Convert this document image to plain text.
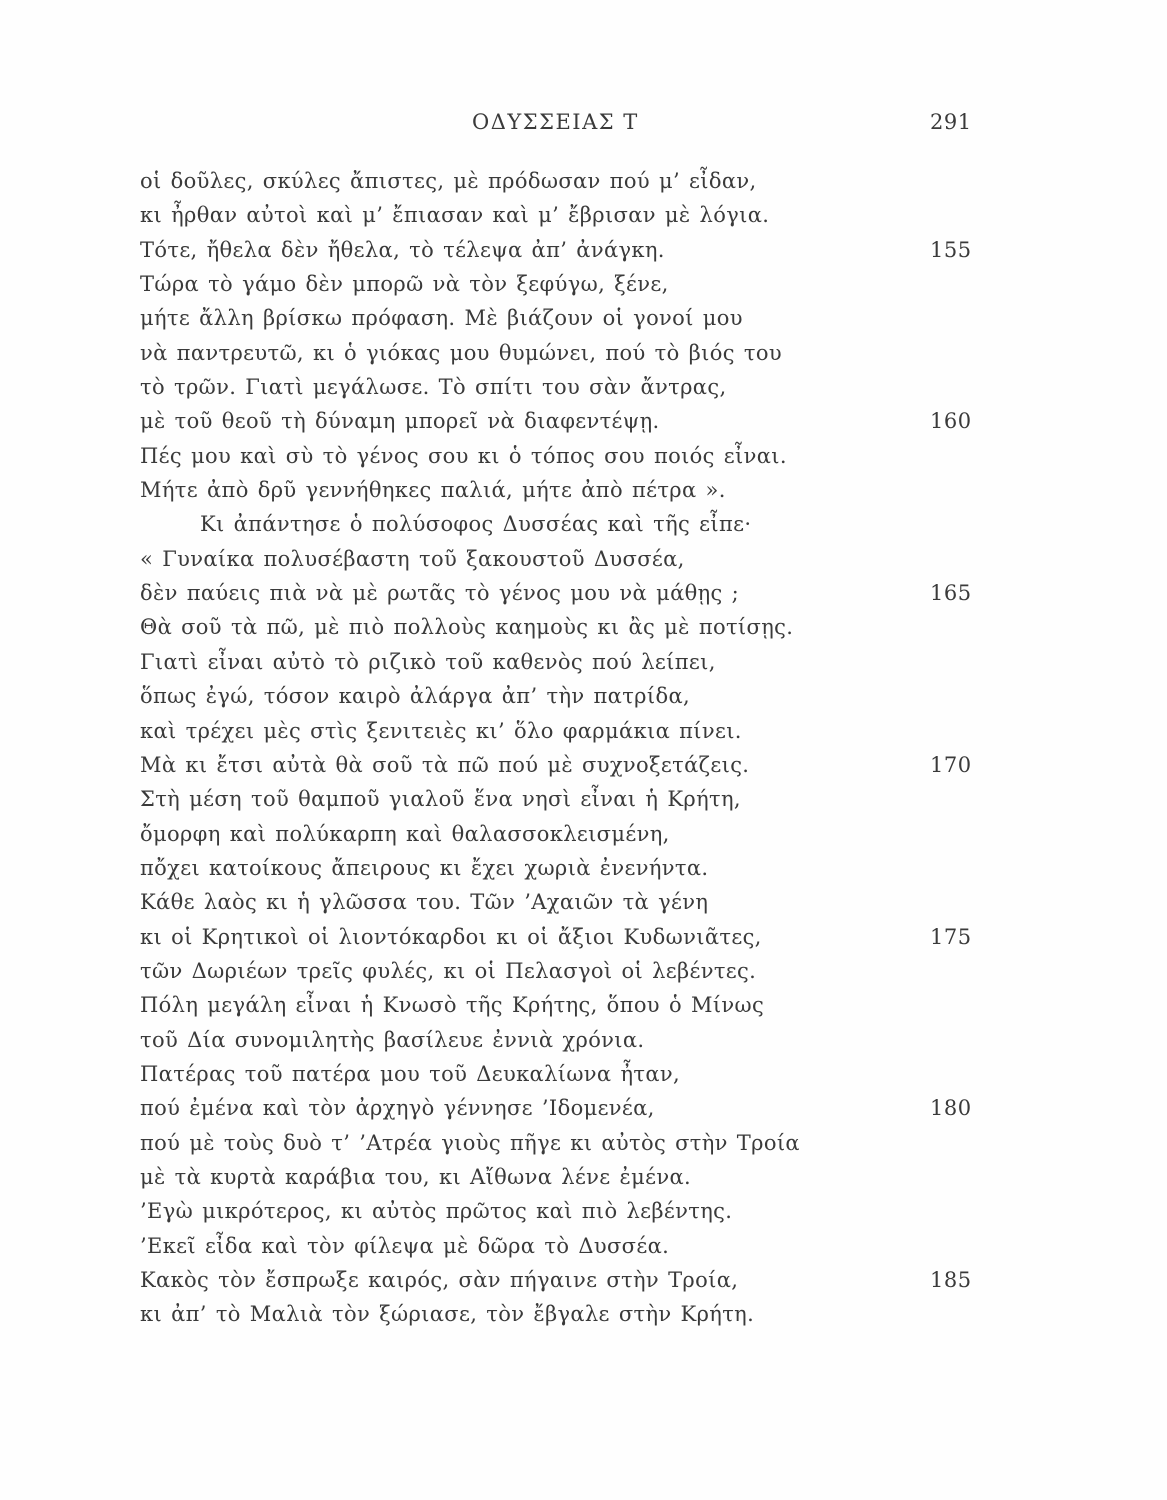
ΟΔΥΣΣΕΙΑΣ Τ	291
οἱ δοῦλες, σκύλες ἄπιστες, μὲ πρόδωσαν πού μ’ εἶδαν,
κι ἦρθαν αὐτοὶ καὶ μ’ ἔπιασαν καὶ μ’ ἔβρισαν μὲ λόγια.
Τότε, ἤθελα δὲν ἤθελα, τὸ τέλεψα ἀπ’ ἀνάγκη.	155
Τώρα τὸ γάμο δὲν μπορῶ νὰ τὸν ξεφύγω, ξένε,
μήτε ἄλλη βρίσκω πρόφαση. Μὲ βιάζουν οἱ γονοί μου
νὰ παντρευτῶ, κι ὁ γιόκας μου θυμώνει, πού τὸ βιός του
τὸ τρῶν. Γιατὶ μεγάλωσε. Τὸ σπίτι του σὰν ἄντρας,
μὲ τοῦ θεοῦ τὴ δύναμη μπορεῖ νὰ διαφεντέψῃ.	160
Πές μου καὶ σὺ τὸ γένος σου κι ὁ τόπος σου ποιός εἶναι.
Μήτε ἀπὸ δρῦ γεννήθηκες παλιά, μήτε ἀπὸ πέτρα ».
Κι ἀπάντησε ὁ πολύσοφος Δυσσέας καὶ τῆς εἶπε·
« Γυναίκα πολυσέβαστη τοῦ ξακουστοῦ Δυσσέα,
δὲν παύεις πιὰ νὰ μὲ ρωτᾶς τὸ γένος μου νὰ μάθῃς ;	165
Θὰ σοῦ τὰ πῶ, μὲ πιὸ πολλοὺς καημοὺς κι ἂς μὲ ποτίσῃς.
Γιατὶ εἶναι αὐτὸ τὸ ριζικὸ τοῦ καθενὸς πού λείπει,
ὅπως ἐγώ, τόσον καιρὸ ἀλάργα ἀπ’ τὴν πατρίδα,
καὶ τρέχει μὲς στὶς ξενιτειὲς κι’ ὅλο φαρμάκια πίνει.
Μὰ κι ἔτσι αὐτὰ θὰ σοῦ τὰ πῶ πού μὲ συχνοξετάζεις.	170
Στὴ μέση τοῦ θαμποῦ γιαλοῦ ἕνα νησὶ εἶναι ἡ Κρήτη,
ὄμορφη καὶ πολύκαρπη καὶ θαλασσοκλεισμένη,
πὄχει κατοίκους ἄπειρους κι ἔχει χωριὰ ἐνενήντα.
Κάθε λαὸς κι ἡ γλῶσσα του. Τῶν ’Αχαιῶν τὰ γένη
κι οἱ Κρητικοὶ οἱ λιοντόκαρδοι κι οἱ ἄξιοι Κυδωνιᾶτες,	175
τῶν Δωριέων τρεῖς φυλές, κι οἱ Πελασγοὶ οἱ λεβέντες.
Πόλη μεγάλη εἶναι ἡ Κνωσὸ τῆς Κρήτης, ὅπου ὁ Μίνως
τοῦ Δία συνομιλητὴς βασίλευε ἐννιὰ χρόνια.
Πατέρας τοῦ πατέρα μου τοῦ Δευκαλίωνα ἦταν,
πού ἐμένα καὶ τὸν ἀρχηγὸ γέννησε ’Ιδομενέα,	180
πού μὲ τοὺς δυὸ τ’ ’Ατρέα γιοὺς πῆγε κι αὐτὸς στὴν Τροία
μὲ τὰ κυρτὰ καράβια του, κι Αἴθωνα λένε ἐμένα.
’Εγὼ μικρότερος, κι αὐτὸς πρῶτος καὶ πιὸ λεβέντης.
’Εκεῖ εἶδα καὶ τὸν φίλεψα μὲ δῶρα τὸ Δυσσέα.
Κακὸς τὸν ἔσπρωξε καιρός, σὰν πήγαινε στὴν Τροία,	185
κι ἀπ’ τὸ Μαλιὰ τὸν ξώριασε, τὸν ἔβγαλε στὴν Κρήτη.
